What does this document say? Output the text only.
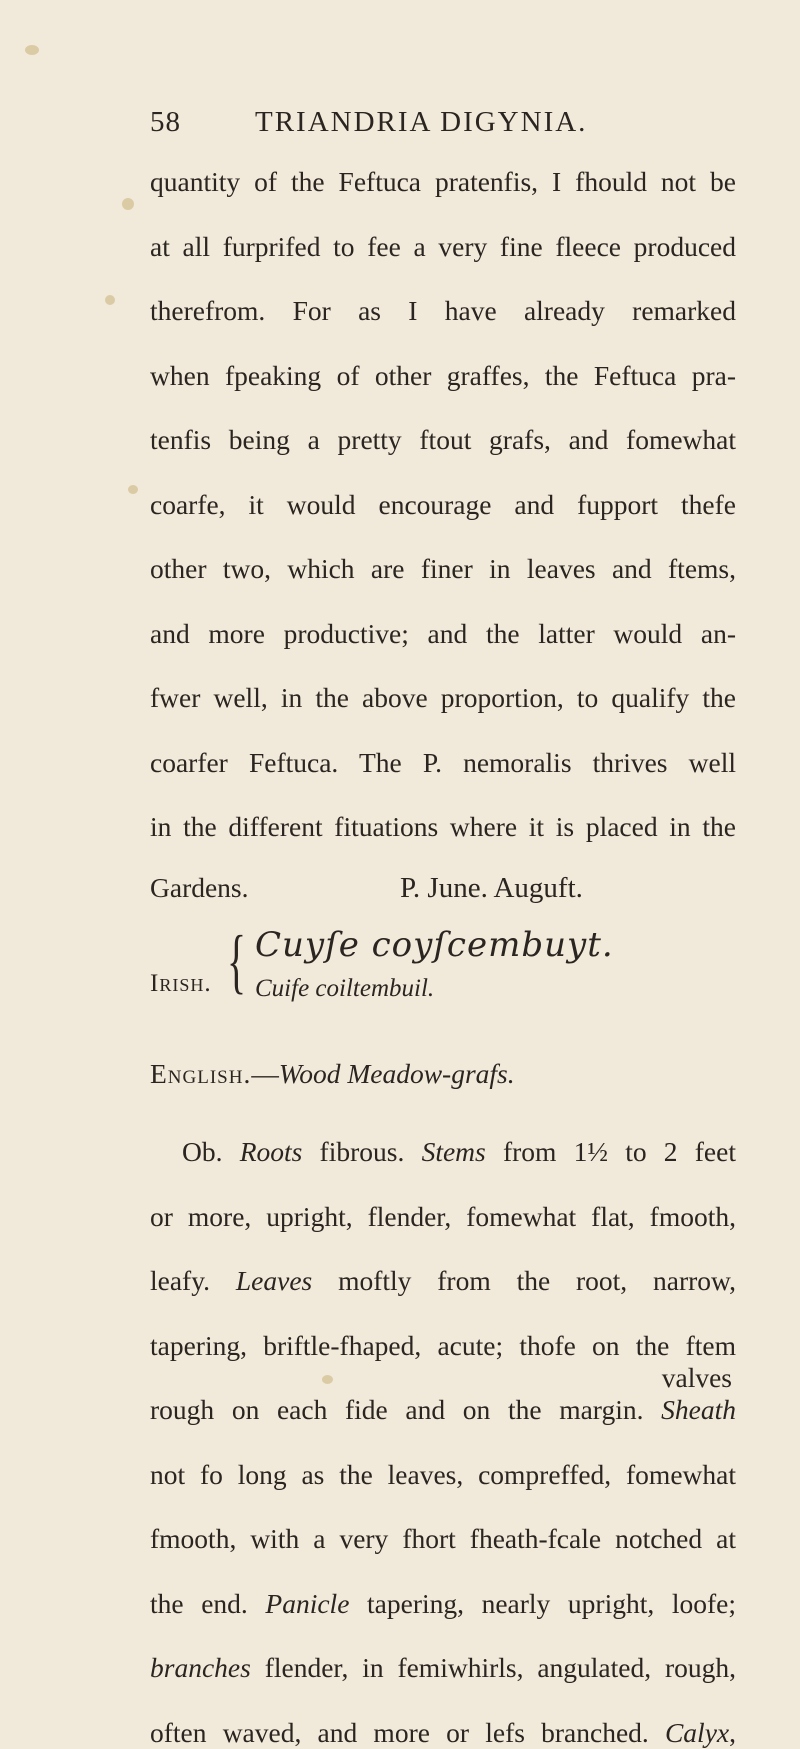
58	TRIANDRIA DIGYNIA.
quantity of the Feftuca pratenfis, I fhould not be
at all furprifed to fee a very fine fleece produced
therefrom. For as I have already remarked
when fpeaking of other graffes, the Feftuca pra-
tenfis being a pretty ftout grafs, and fomewhat
coarfe, it would encourage and fupport thefe
other two, which are finer in leaves and ftems,
and more productive; and the latter would an-
fwer well, in the above proportion, to qualify the
coarfer Feftuca. The P. nemoralis thrives well
in the different fituations where it is placed in the
Gardens.	P. June. Auguft.
Irish. { Cuyſe coyſcembuyt.
Cuife coiltembuil.
English.—Wood Meadow-grafs.
Ob. Roots fibrous. Stems from 1½ to 2 feet
or more, upright, flender, fomewhat flat, fmooth,
leafy. Leaves moftly from the root, narrow,
tapering, briftle-fhaped, acute; thofe on the ftem
rough on each fide and on the margin. Sheath
not fo long as the leaves, compreffed, fomewhat
fmooth, with a very fhort fheath-fcale notched at
the end. Panicle tapering, nearly upright, loofe;
branches flender, in femiwhirls, angulated, rough,
often waved, and more or lefs branched. Calyx,
valves
